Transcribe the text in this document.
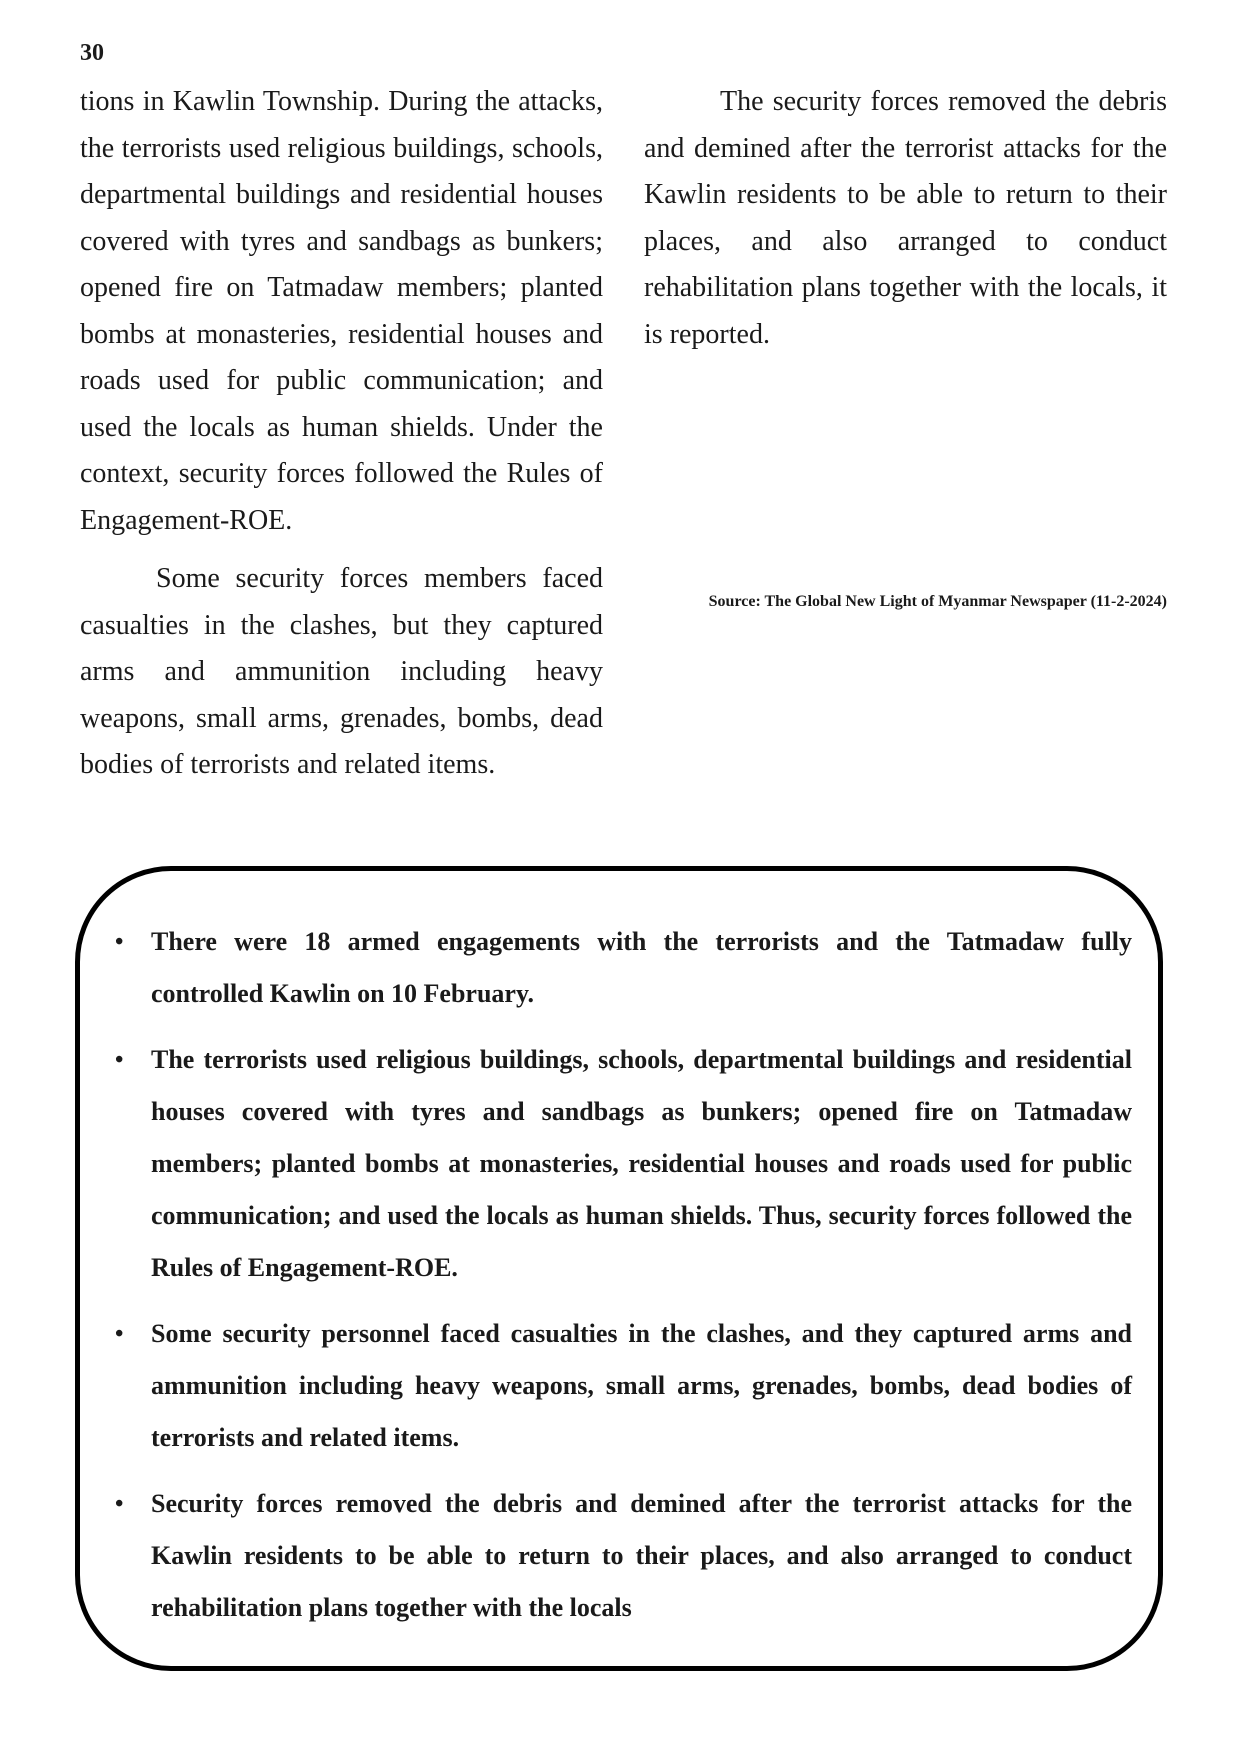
30

tions in Kawlin Township. During the attacks, the terrorists used religious buildings, schools, departmental buildings and residential houses covered with tyres and sandbags as bunkers; opened fire on Tatmadaw members; planted bombs at monasteries, residential houses and roads used for public communication; and used the locals as human shields. Under the context, security forces followed the Rules of Engagement-ROE.

Some security forces members faced casualties in the clashes, but they captured arms and ammunition including heavy weapons, small arms, grenades, bombs, dead bodies of terrorists and related items.

The security forces removed the debris and demined after the terrorist attacks for the Kawlin residents to be able to return to their places, and also arranged to conduct rehabilitation plans together with the locals, it is reported.

Source: The Global New Light of Myanmar Newspaper (11-2-2024)
• There were 18 armed engagements with the terrorists and the Tatmadaw fully controlled Kawlin on 10 February.
• The terrorists used religious buildings, schools, departmental buildings and residential houses covered with tyres and sandbags as bunkers; opened fire on Tatmadaw members; planted bombs at monasteries, residential houses and roads used for public communication; and used the locals as human shields. Thus, security forces followed the Rules of Engagement-ROE.
• Some security personnel faced casualties in the clashes, and they captured arms and ammunition including heavy weapons, small arms, grenades, bombs, dead bodies of terrorists and related items.
• Security forces removed the debris and demined after the terrorist attacks for the Kawlin residents to be able to return to their places, and also arranged to conduct rehabilitation plans together with the locals
